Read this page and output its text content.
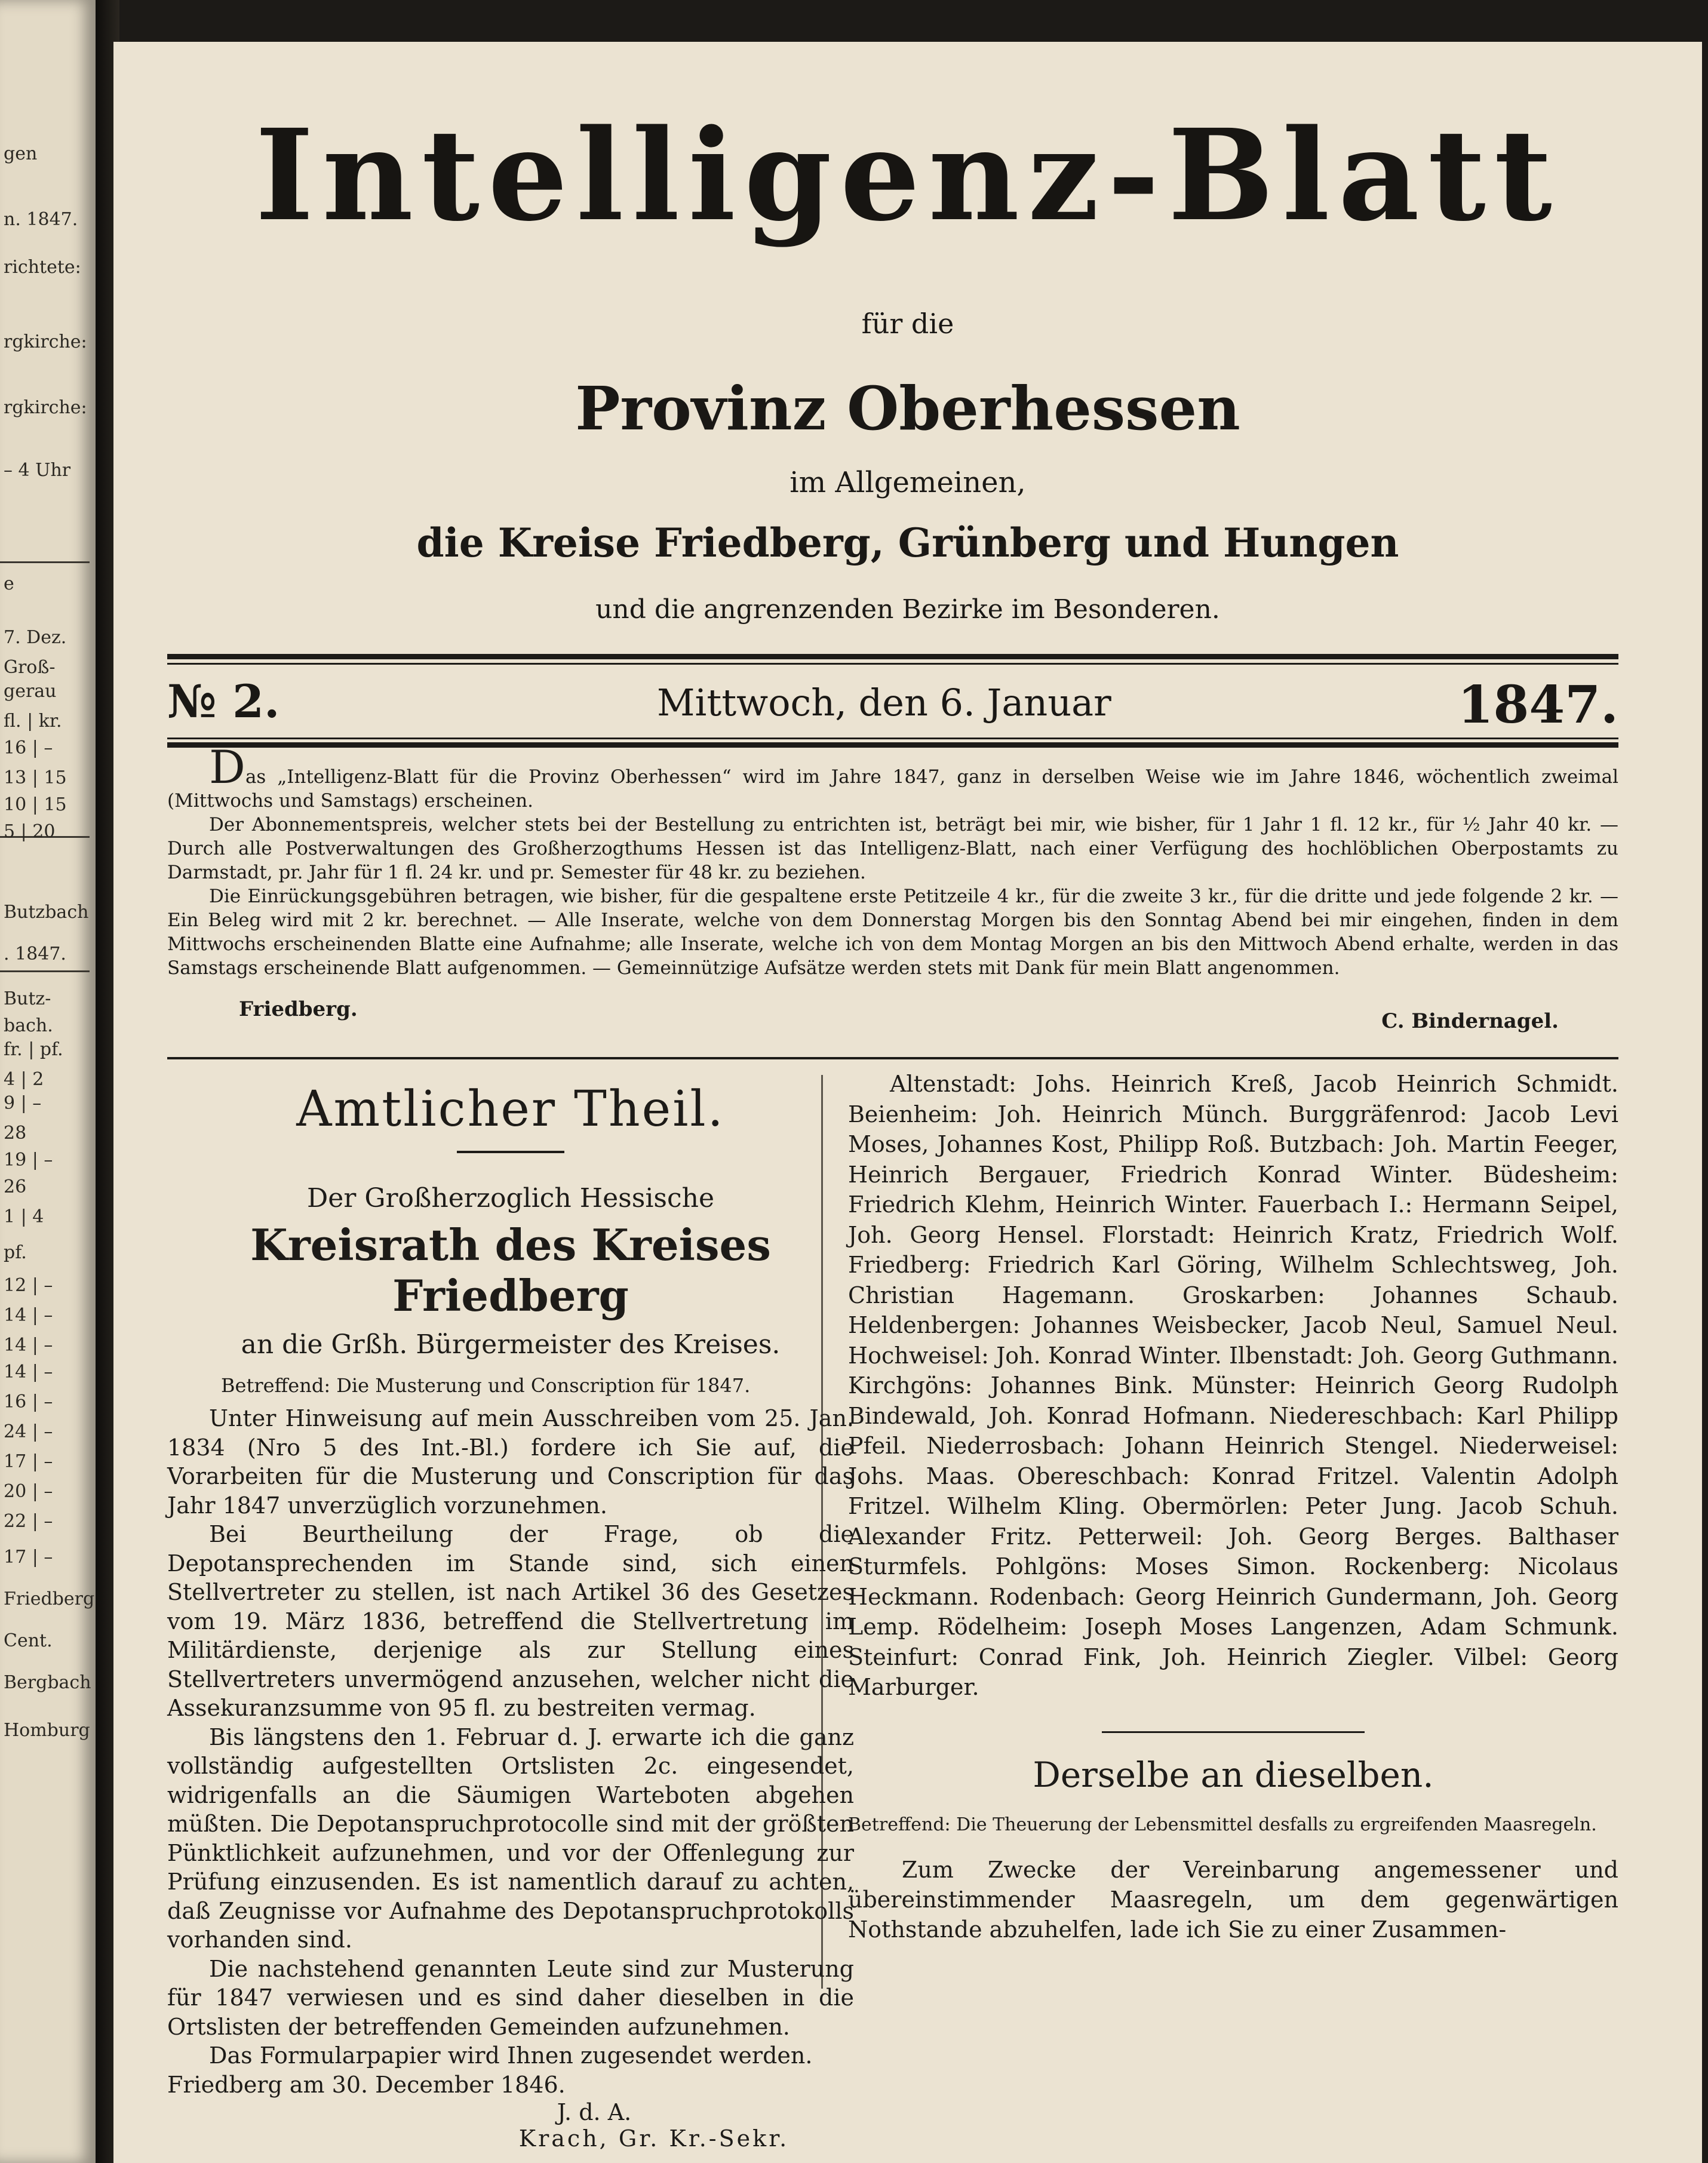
gen
n. 1847.
richtete:
rgkirche:
rgkirche:
– 4 Uhr
e
7. Dez.
Groß-
gerau
fl. | kr.
16 | –
13 | 15
10 | 15
5 | 20
Butzbach
. 1847.
Butz-
bach.
fr. | pf.
4 | 2
9 | –
28
19 | –
26
1 | 4
pf.
12 | –
14 | –
14 | –
14 | –
16 | –
24 | –
17 | –
20 | –
22 | –
17 | –
Friedberg
Cent.
Bergbach
Homburg
Intelligenz-Blatt
für die
Provinz Oberhessen
im Allgemeinen,
die Kreise Friedberg, Grünberg und Hungen
und die angrenzenden Bezirke im Besonderen.
№ 2.	Mittwoch, den 6. Januar	1847.

Das „Intelligenz-Blatt für die Provinz Oberhessen“ wird im Jahre 1847, ganz in derselben Weise wie im Jahre 1846, wöchentlich zweimal (Mittwochs und Samstags) erscheinen.

Der Abonnementspreis, welcher stets bei der Bestellung zu entrichten ist, beträgt bei mir, wie bisher, für 1 Jahr 1 fl. 12 kr., für ½ Jahr 40 kr. — Durch alle Postverwaltungen des Großherzogthums Hessen ist das Intelligenz-Blatt, nach einer Verfügung des hochlöblichen Oberpostamts zu Darmstadt, pr. Jahr für 1 fl. 24 kr. und pr. Semester für 48 kr. zu beziehen.

Die Einrückungsgebühren betragen, wie bisher, für die gespaltene erste Petitzeile 4 kr., für die zweite 3 kr., für die dritte und jede folgende 2 kr. — Ein Beleg wird mit 2 kr. berechnet. — Alle Inserate, welche von dem Donnerstag Morgen bis den Sonntag Abend bei mir eingehen, finden in dem Mittwochs erscheinenden Blatte eine Aufnahme; alle Inserate, welche ich von dem Montag Morgen an bis den Mittwoch Abend erhalte, werden in das Samstags erscheinende Blatt aufgenommen. — Gemeinnützige Aufsätze werden stets mit Dank für mein Blatt angenommen.

Friedberg.	C. Bindernagel.
Amtlicher Theil.
Der Großherzoglich Hessische
Kreisrath des Kreises Friedberg
an die Grßh. Bürgermeister des Kreises.
Betreffend: Die Musterung und Conscription für 1847.

Unter Hinweisung auf mein Ausschreiben vom 25. Jan. 1834 (Nro 5 des Int.-Bl.) fordere ich Sie auf, die Vorarbeiten für die Musterung und Conscription für das Jahr 1847 unverzüglich vorzunehmen.

Bei Beurtheilung der Frage, ob die Depotansprechenden im Stande sind, sich einen Stellvertreter zu stellen, ist nach Artikel 36 des Gesetzes vom 19. März 1836, betreffend die Stellvertretung im Militärdienste, derjenige als zur Stellung eines Stellvertreters unvermögend anzusehen, welcher nicht die Assekuranzsumme von 95 fl. zu bestreiten vermag.

Bis längstens den 1. Februar d. J. erwarte ich die ganz vollständig aufgestellten Ortslisten 2c. eingesendet, widrigenfalls an die Säumigen Warteboten abgehen müßten. Die Depotanspruchprotocolle sind mit der größten Pünktlichkeit aufzunehmen, und vor der Offenlegung zur Prüfung einzusenden. Es ist namentlich darauf zu achten, daß Zeugnisse vor Aufnahme des Depotanspruchprotokolls vorhanden sind.

Die nachstehend genannten Leute sind zur Musterung für 1847 verwiesen und es sind daher dieselben in die Ortslisten der betreffenden Gemeinden aufzunehmen.

Das Formularpapier wird Ihnen zugesendet werden.

Friedberg am 30. December 1846.
J. d. A.
Krach, Gr. Kr.-Sekr.

Altenstadt: Johs. Heinrich Kreß, Jacob Heinrich Schmidt. Beienheim: Joh. Heinrich Münch. Burggräfenrod: Jacob Levi Moses, Johannes Kost, Philipp Roß. Butzbach: Joh. Martin Feeger, Heinrich Bergauer, Friedrich Konrad Winter. Büdesheim: Friedrich Klehm, Heinrich Winter. Fauerbach I.: Hermann Seipel, Joh. Georg Hensel. Florstadt: Heinrich Kratz, Friedrich Wolf. Friedberg: Friedrich Karl Göring, Wilhelm Schlechtsweg, Joh. Christian Hagemann. Groskarben: Johannes Schaub. Heldenbergen: Johannes Weisbecker, Jacob Neul, Samuel Neul. Hochweisel: Joh. Konrad Winter. Ilbenstadt: Joh. Georg Guthmann. Kirchgöns: Johannes Bink. Münster: Heinrich Georg Rudolph Bindewald, Joh. Konrad Hofmann. Niedereschbach: Karl Philipp Pfeil. Niederrosbach: Johann Heinrich Stengel. Niederweisel: Johs. Maas. Obereschbach: Konrad Fritzel. Valentin Adolph Fritzel. Wilhelm Kling. Obermörlen: Peter Jung. Jacob Schuh. Alexander Fritz. Petterweil: Joh. Georg Berges. Balthaser Sturmfels. Pohlgöns: Moses Simon. Rockenberg: Nicolaus Heckmann. Rodenbach: Georg Heinrich Gundermann, Joh. Georg Lemp. Rödelheim: Joseph Moses Langenzen, Adam Schmunk. Steinfurt: Conrad Fink, Joh. Heinrich Ziegler. Vilbel: Georg Marburger.

Derselbe an dieselben.
Betreffend: Die Theuerung der Lebensmittel desfalls zu ergreifenden Maasregeln.

Zum Zwecke der Vereinbarung angemessener und übereinstimmender Maasregeln, um dem gegenwärtigen Nothstande abzuhelfen, lade ich Sie zu einer Zusammen-
